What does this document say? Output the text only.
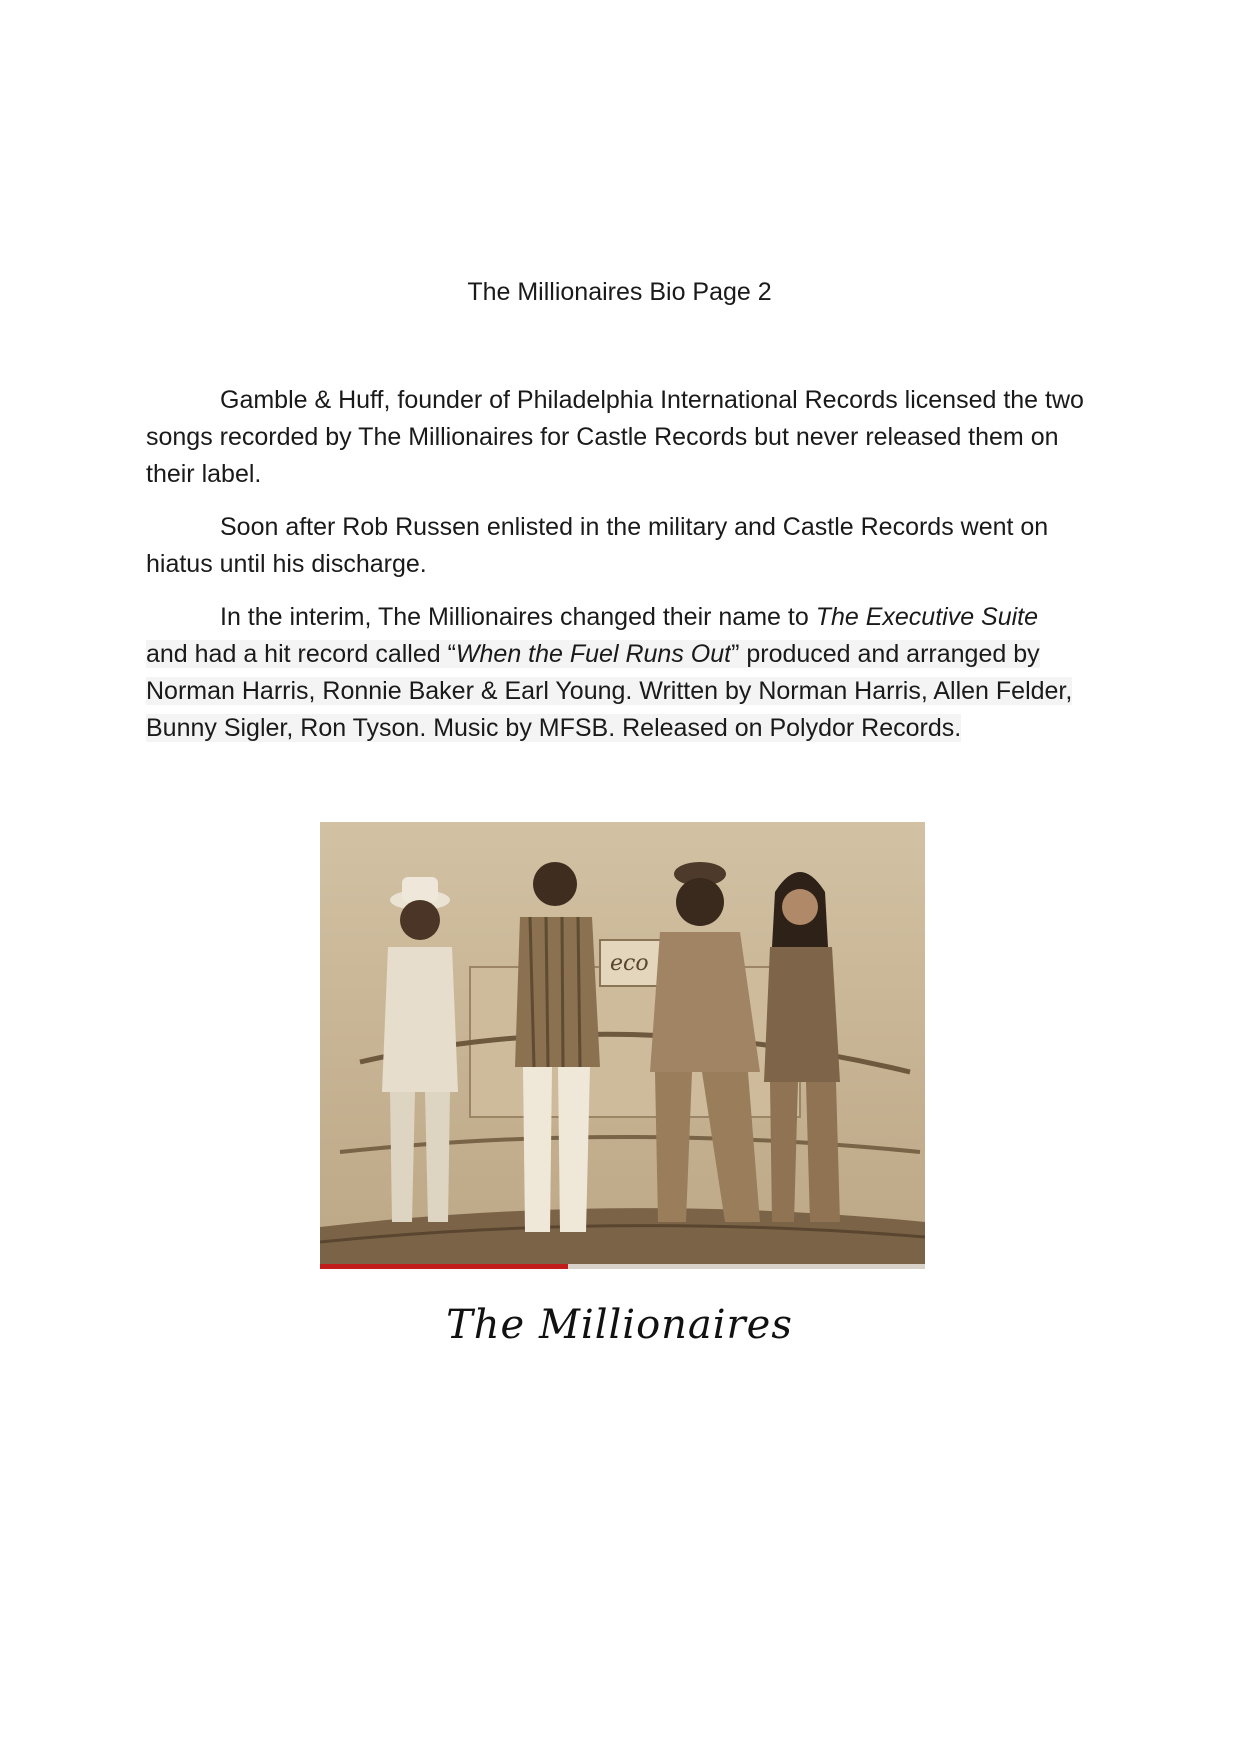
The Millionaires Bio Page 2

Gamble & Huff, founder of Philadelphia International Records licensed the two songs recorded by The Millionaires for Castle Records but never released them on their label.

Soon after Rob Russen enlisted in the military and Castle Records went on hiatus until his discharge.

In the interim, The Millionaires changed their name to The Executive Suite and had a hit record called “When the Fuel Runs Out” produced and arranged by Norman Harris, Ronnie Baker & Earl Young. Written by Norman Harris, Allen Felder, Bunny Sigler, Ron Tyson. Music by MFSB. Released on Polydor Records.

eco
The Millionaires
